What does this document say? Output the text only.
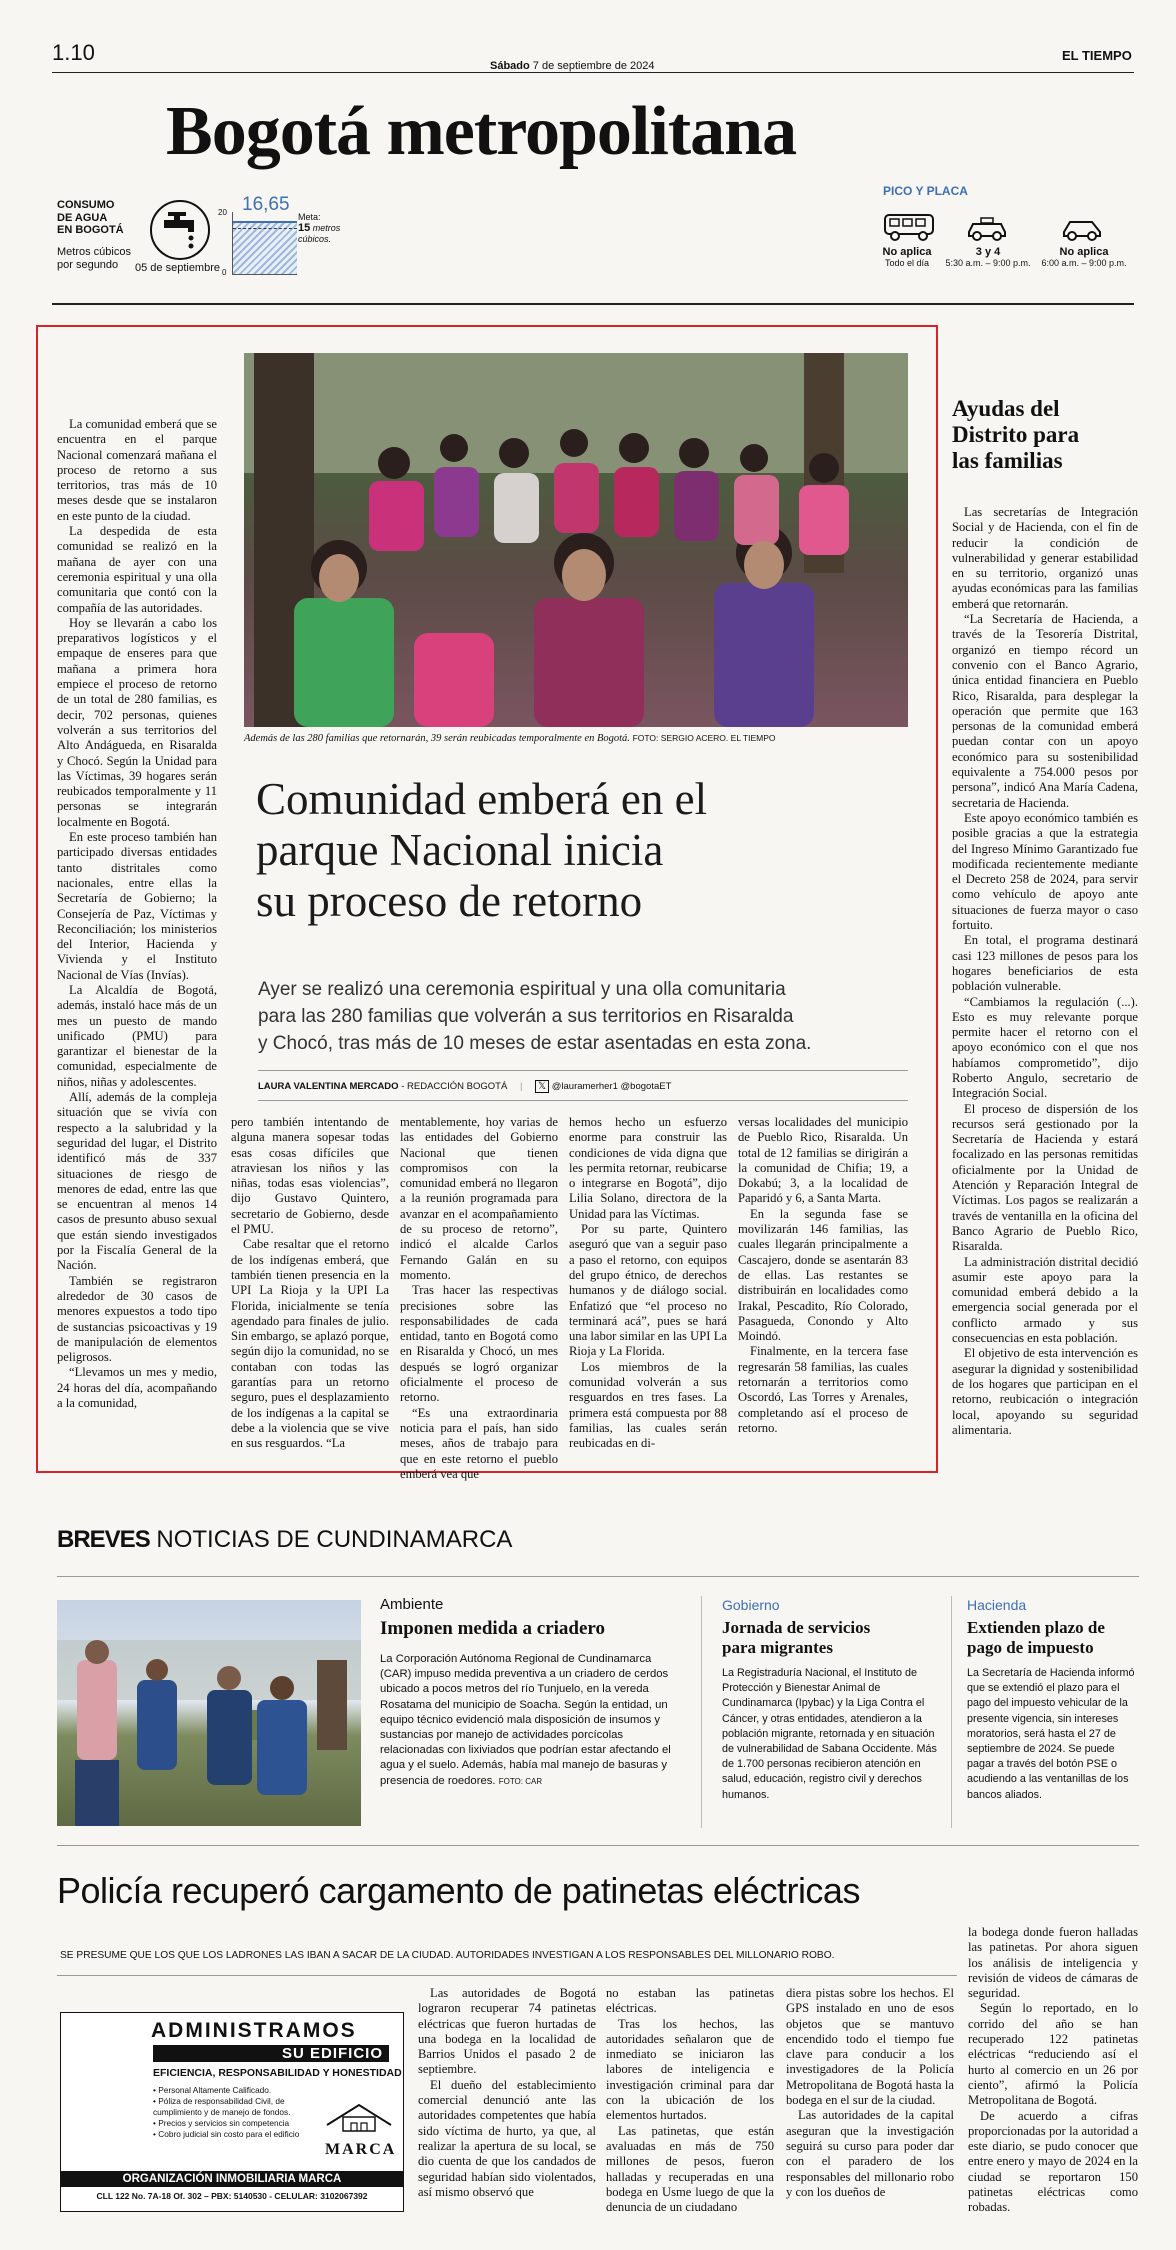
1.10
Sábado 7 de septiembre de 2024
EL TIEMPO
Bogotá metropolitana
CONSUMO
DE AGUA
EN BOGOTÁ
Metros cúbicos
por segundo	05 de septiembre
20
0
16,65
Meta:
15 metros
cúbicos.
PICO Y PLACA
No aplica
Todo el día
3 y 4
5:30 a.m. – 9:00 p.m.
No aplica
6:00 a.m. – 9:00 p.m.
Además de las 280 familias que retornarán, 39 serán reubicadas temporalmente en Bogotá. FOTO: SERGIO ACERO. EL TIEMPO
Comunidad emberá en el
parque Nacional inicia
su proceso de retorno
Ayer se realizó una ceremonia espiritual y una olla comunitaria
para las 280 familias que volverán a sus territorios en Risaralda
y Chocó, tras más de 10 meses de estar asentadas en esta zona.
LAURA VALENTINA MERCADO - REDACCIÓN BOGOTÁ | 𝕏 @lauramerher1 @bogotaET

La comunidad emberá que se encuentra en el parque Nacional comenzará mañana el proceso de retorno a sus territorios, tras más de 10 meses desde que se instalaron en este punto de la ciudad.

La despedida de esta comunidad se realizó en la mañana de ayer con una ceremonia espiritual y una olla comunitaria que contó con la compañía de las autoridades.

Hoy se llevarán a cabo los preparativos logísticos y el empaque de enseres para que mañana a primera hora empiece el proceso de retorno de un total de 280 familias, es decir, 702 personas, quienes volverán a sus territorios del Alto Andágueda, en Risaralda y Chocó. Según la Unidad para las Víctimas, 39 hogares serán reubicados temporalmente y 11 personas se integrarán localmente en Bogotá.

En este proceso también han participado diversas entidades tanto distritales como nacionales, entre ellas la Secretaría de Gobierno; la Consejería de Paz, Víctimas y Reconciliación; los ministerios del Interior, Hacienda y Vivienda y el Instituto Nacional de Vías (Invías).

La Alcaldía de Bogotá, además, instaló hace más de un mes un puesto de mando unificado (PMU) para garantizar el bienestar de la comunidad, especialmente de niños, niñas y adolescentes.

Allí, además de la compleja situación que se vivía con respecto a la salubridad y la seguridad del lugar, el Distrito identificó más de 337 situaciones de riesgo de menores de edad, entre las que se encuentran al menos 14 casos de presunto abuso sexual que están siendo investigados por la Fiscalía General de la Nación.

También se registraron alrededor de 30 casos de menores expuestos a todo tipo de sustancias psicoactivas y 19 de manipulación de elementos peligrosos.

“Llevamos un mes y medio, 24 horas del día, acompañando a la comunidad,

pero también intentando de alguna manera sopesar todas esas cosas difíciles que atraviesan los niños y las niñas, todas esas violencias”, dijo Gustavo Quintero, secretario de Gobierno, desde el PMU.

Cabe resaltar que el retorno de los indígenas emberá, que también tienen presencia en la UPI La Rioja y la UPI La Florida, inicialmente se tenía agendado para finales de julio. Sin embargo, se aplazó porque, según dijo la comunidad, no se contaban con todas las garantías para un retorno seguro, pues el desplazamiento de los indígenas a la capital se debe a la violencia que se vive en sus resguardos. “La

mentablemente, hoy varias de las entidades del Gobierno Nacional que tienen compromisos con la comunidad emberá no llegaron a la reunión programada para avanzar en el acompañamiento de su proceso de retorno”, indicó el alcalde Carlos Fernando Galán en su momento.

Tras hacer las respectivas precisiones sobre las responsabilidades de cada entidad, tanto en Bogotá como en Risaralda y Chocó, un mes después se logró organizar oficialmente el proceso de retorno.

“Es una extraordinaria noticia para el país, han sido meses, años de trabajo para que en este retorno el pueblo emberá vea que

hemos hecho un esfuerzo enorme para construir las condiciones de vida digna que les permita retornar, reubicarse o integrarse en Bogotá”, dijo Lilia Solano, directora de la Unidad para las Víctimas.

Por su parte, Quintero aseguró que van a seguir paso a paso el retorno, con equipos del grupo étnico, de derechos humanos y de diálogo social. Enfatizó que “el proceso no terminará acá”, pues se hará una labor similar en las UPI La Rioja y La Florida.

Los miembros de la comunidad volverán a sus resguardos en tres fases. La primera está compuesta por 88 familias, las cuales serán reubicadas en di-

versas localidades del municipio de Pueblo Rico, Risaralda. Un total de 12 familias se dirigirán a la comunidad de Chifia; 19, a Dokabú; 3, a la localidad de Paparidó y 6, a Santa Marta.

En la segunda fase se movilizarán 146 familias, las cuales llegarán principalmente a Cascajero, donde se asentarán 83 de ellas. Las restantes se distribuirán en localidades como Irakal, Pescadito, Río Colorado, Pasagueda, Conondo y Alto Moindó.

Finalmente, en la tercera fase regresarán 58 familias, las cuales retornarán a territorios como Oscordó, Las Torres y Arenales, completando así el proceso de retorno.

Ayudas del
Distrito para
las familias

Las secretarías de Integración Social y de Hacienda, con el fin de reducir la condición de vulnerabilidad y generar estabilidad en su territorio, organizó unas ayudas económicas para las familias emberá que retornarán.

“La Secretaría de Hacienda, a través de la Tesorería Distrital, organizó en tiempo récord un convenio con el Banco Agrario, única entidad financiera en Pueblo Rico, Risaralda, para desplegar la operación que permite que 163 personas de la comunidad emberá puedan contar con un apoyo económico para su sostenibilidad equivalente a 754.000 pesos por persona”, indicó Ana María Cadena, secretaria de Hacienda.

Este apoyo económico también es posible gracias a que la estrategia del Ingreso Mínimo Garantizado fue modificada recientemente mediante el Decreto 258 de 2024, para servir como vehículo de apoyo ante situaciones de fuerza mayor o caso fortuito.

En total, el programa destinará casi 123 millones de pesos para los hogares beneficiarios de esta población vulnerable.

“Cambiamos la regulación (...). Esto es muy relevante porque permite hacer el retorno con el apoyo económico con el que nos habíamos comprometido”, dijo Roberto Angulo, secretario de Integración Social.

El proceso de dispersión de los recursos será gestionado por la Secretaría de Hacienda y estará focalizado en las personas remitidas oficialmente por la Unidad de Atención y Reparación Integral de Víctimas. Los pagos se realizarán a través de ventanilla en la oficina del Banco Agrario de Pueblo Rico, Risaralda.

La administración distrital decidió asumir este apoyo para la comunidad emberá debido a la emergencia social generada por el conflicto armado y sus consecuencias en esta población.

El objetivo de esta intervención es asegurar la dignidad y sostenibilidad de los hogares que participan en el retorno, reubicación o integración local, apoyando su seguridad alimentaria.

BREVES NOTICIAS DE CUNDINAMARCA
Ambiente
Imponen medida a criadero
La Corporación Autónoma Regional de Cundinamarca (CAR) impuso medida preventiva a un criadero de cerdos ubicado a pocos metros del río Tunjuelo, en la vereda Rosatama del municipio de Soacha. Según la entidad, un equipo técnico evidenció mala disposición de insumos y sustancias por manejo de actividades porcícolas relacionadas con lixiviados que podrían estar afectando el agua y el suelo. Además, había mal manejo de basuras y presencia de roedores. FOTO: CAR
Gobierno
Jornada de servicios
para migrantes
La Registraduría Nacional, el Instituto de Protección y Bienestar Animal de Cundinamarca (Ipybac) y la Liga Contra el Cáncer, y otras entidades, atendieron a la población migrante, retornada y en situación de vulnerabilidad de Sabana Occidente. Más de 1.700 personas recibieron atención en salud, educación, registro civil y derechos humanos.
Hacienda
Extienden plazo de
pago de impuesto
La Secretaría de Hacienda informó que se extendió el plazo para el pago del impuesto vehicular de la presente vigencia, sin intereses moratorios, será hasta el 27 de septiembre de 2024. Se puede pagar a través del botón PSE o acudiendo a las ventanillas de los bancos aliados.
Policía recuperó cargamento de patinetas eléctricas
SE PRESUME QUE LOS QUE LOS LADRONES LAS IBAN A SACAR DE LA CIUDAD. AUTORIDADES INVESTIGAN A LOS RESPONSABLES DEL MILLONARIO ROBO.

Las autoridades de Bogotá lograron recuperar 74 patinetas eléctricas que fueron hurtadas de una bodega en la localidad de Barrios Unidos el pasado 2 de septiembre.

El dueño del establecimiento comercial denunció ante las autoridades competentes que había sido víctima de hurto, ya que, al realizar la apertura de su local, se dio cuenta de que los candados de seguridad habían sido violentados, así mismo observó que

no estaban las patinetas eléctricas.

Tras los hechos, las autoridades señalaron que de inmediato se iniciaron las labores de inteligencia e investigación criminal para dar con la ubicación de los elementos hurtados.

Las patinetas, que están avaluadas en más de 750 millones de pesos, fueron halladas y recuperadas en una bodega en Usme luego de que la denuncia de un ciudadano

diera pistas sobre los hechos. El GPS instalado en uno de esos objetos que se mantuvo encendido todo el tiempo fue clave para conducir a los investigadores de la Policía Metropolitana de Bogotá hasta la bodega en el sur de la ciudad.

Las autoridades de la capital aseguran que la investigación seguirá su curso para poder dar con el paradero de los responsables del millonario robo y con los dueños de

la bodega donde fueron halladas las patinetas. Por ahora siguen los análisis de inteligencia y revisión de videos de cámaras de seguridad.

Según lo reportado, en lo corrido del año se han recuperado 122 patinetas eléctricas “reduciendo así el hurto al comercio en un 26 por ciento”, afirmó la Policía Metropolitana de Bogotá.

De acuerdo a cifras proporcionadas por la autoridad a este diario, se pudo conocer que entre enero y mayo de 2024 en la ciudad se reportaron 150 patinetas eléctricas como robadas.

ADMINISTRAMOS
SU EDIFICIO
EFICIENCIA, RESPONSABILIDAD Y HONESTIDAD
• Personal Altamente Calificado.
• Póliza de responsabilidad Civil, de cumplimiento y de manejo de fondos.
• Precios y servicios sin competencia
• Cobro judicial sin costo para el edificio
MARCA
ORGANIZACIÓN INMOBILIARIA MARCA
CLL 122 No. 7A-18 Of. 302 – PBX: 5140530 - CELULAR: 3102067392
